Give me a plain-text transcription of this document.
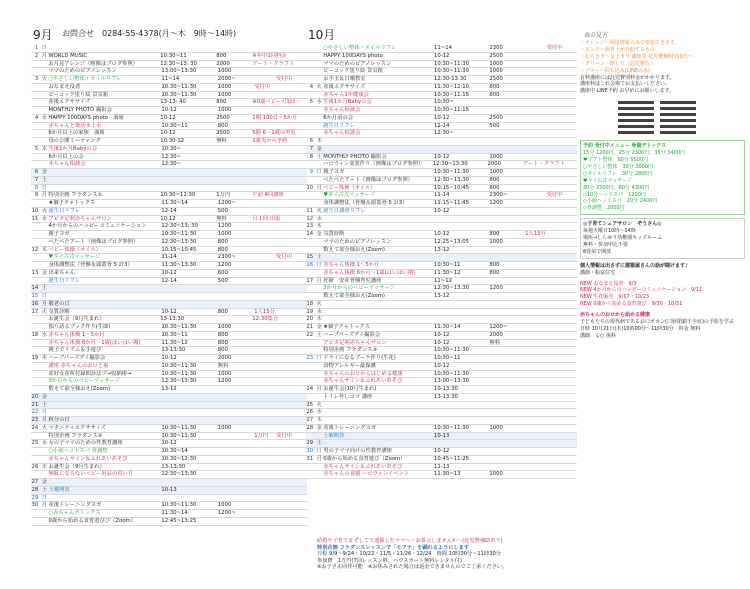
9月 お問合せ　0284-55-4378(月～木　9時～14時)	10月	表の見方
1 日
2 月 WORLD MUSIC	10:30~11	800	※年中1回料金
お月見アレンジ（画像はブログ参照）	12:30~13: 30	2000	アート・クラフト
ママのためのピアノレッスン	13:00~13:30	1000
3 火 ○やさしい整体・オイルリフレ	11~14	2000~	受付中
おなまえ役者	10:30~11:30	1000	受付中
ピーコック塗り絵 景気箱	10:30~11:30	1000
産後エクササイズ	13-13: 40	800	※0歳ベビー可1回～
MONTHLY PHOTO 撮影会	10-12	1000
4 水 HAPPY 100DAYS photo　満席	10-12	2500	1期 100日～5か月
赤ちゃんと楽活水上水	10:30~11	800
6か月以上の家族　満席	10-12	2500	5期 6～1歳の男児
母の公開ミーティング	10:30-12	無料	1歳児から予約
5 木 生後1か月Babyの会	10:30~
6か月以上の会	12:30~
赤ちゃん相談会	12:30~
6 金
7 土
8 日
9 月 特別企画 フラダンス①	10:30~11:30	1万円	午前 4回講座
★個子チャトックス	11:30~14	1200~
10 火 誕生日リフレ	12-14	500
11 水 アピタ足利赤ちゃんサロン	10-12	無料	月１回 出張
4か月からのハッピーコミュニケーション	12:30~13: 30	1200
親子ヨガ	10:30~11:30	1000
ぺたぺたアート（画像はブログ参照）	12:30~13:30	800
12 木 ベビー体操（オイル）	10:15~10:45	800
♥タイ古式マッサージ	11-14	2300~	受付中
身体調整法（骨盤＆頭蓋骨 5 計3）	11:30~13:30	1200
13 金 出来ちゃん	10-12	600
誕生日リフレ	12-14	500
14 土
15 日
16 月 敬老の日
17 火 気質診断	10-12	800	1人15分
お誕生会（9月生まれ）	13-13:30	12:30集合
独り語るブック作り(生郎)	10:30~11:30	1000
18 水 赤ちゃん体操 1～5か月	10:30~11	800
赤ちゃん体操 6か月～1歳(はいはい期)	11:30~12	800
親子でリズム＆手遊び	13-13:30	800
19 木 ハーブパーズデイ撮影会	10-12	2000
講座 赤ちゃんのおロと歯	10:30~11:30	無料
産好女産所付録問診法プ→収納術→	10:30~11:30	1000
3か月からのベビーマッサージ	12:30~13:30	1200
数えて欲全様おえ(Zoom)	13-12
20 金
21 土
22 日
23 月 秋分の日
24 火 マタニティエクササイズ	10:30~11:30	1000
特別企画 フラダンス②	10:30~11:30	1万円	受付中
25 水 女の子ママのための性教育講座	10-12
○小顔ヘッドスパ 骨調整	10:30~14
赤ちゃんサイン＆ふれあいあそび	10:30~12:30
26 木 お誕生会（9月生まれ）	13-13:30
無駄にならないベビー用品の買い方	12:30~13:30
27 金
28 土 土曜開放	10-13
29 日
30 月 産後トレーニングヨガ	10:30~11:30	1000
○赤ちゃんデトックス	11:30~14	1200~
0歳から始める食育遊びび（Zoom）	12:45~13:25
○やさしい整体・オイルリフレ	11~14	2300	受付中
HAPPY 100DAYS photo	10-12	2500
ママのためのピアノレッスン	10:30~11:30	1000
ピーコック塗り絵 景気箱	10:30~11:30	1000
お手玉＆日曜教室	12:30-13:30	2500
4 火 産後エクササイズ	11:30~12:10	800
赤ちゃん1年健康会	10:30~11:15	800
5 水 生後1か月Babyの会	10:30~
赤ちゃん相談会	10:30~11:15
6か月前の会	10-12	2500
誕生日リフレ	12-14	500
赤ちゃん相談会	12:30~
6 木
7 金
8 土 MONTHLY PHOTO 撮影会	10-12	1000
ハロウィン変装作り（画像はブログ参照）	12:30~13:30	2000	アート・クラフト
9 日 親子ヨガ	10:30~11:30	1000
ぺたぺたアート（画像はブログ参照）	12:30~13:30	800
10 月 ベビー体操（オイル）	10:15~10:45	800
♥タイ古式マッサージ	11-14	2300~	受付中
身体調整法（骨盤＆頭蓋骨 5 計3）	11:15~11:45	1200
11 火 誕生日講座リフレ	10-12
12 水
13 木
14 金 気質診断	10-12	800	1人15分
ママのためのピアノレッスン	12:25~13:05	1000
数えて欲全様おえ(Zoom)	13-12
15 土
16 日 赤ちゃん体操 1～5か月	10:30~11	800
赤ちゃん体操 6か月～1歳(はいはい期)	11:30~12	800
17 月 妊婦　安産骨盤育児講座	11~12
3か月からのベビーマッサージ	12:30~13:30	1200
数えて欲全様おえ(Zoom)	13-12
18 火
19 水
20 木
21 金 ★個子チャトックス	11:30~14	1200~
22 土 ハーブパーズデイ撮影会	10-12	2000
アピタ足利赤ちゃんサロン	10-12	無料
特別企画 フラダンス③	10:30~11:30
23 日 ドライになるブーケ作り(生花)	10:30~11
食物アレルギー最保護	10-12
赤ちゃんのおロからはじめる健康	10:30~11:30
赤ちゃんサイン＆ふれあいあそび	13:00~13:30
24 月 お誕生会(10月生まれ)	10-13:30
トイレ外しコツ 講座	13-13:30
25 火
26 水
27 木
28 金 産後トレーニングヨガ	10:30~11:30	1000
土曜開放	10-13
29 土
30 日 男の子ママ向けの性教育講座	10-12
31 月 0歳から始める食育遊び（Zoom）	10:45~11:25
赤ちゃんサイン＆ふれあいあそび	11-13
赤ちゃんの食感 ハロウィンイベント	11:30~13	1000
結婚や子育てまずしてで連載したママへ～お茶会しませんか～(託児費補助あり)
特別企画 フラダンスレッスンで「モアナ」を踊れるようにします
日程 9/9・9/24・10/22・11/5・11/26・12/24　時間 10時30分～11時30分
参加費　1万円(7回レッスン料、ハウスカート無料レンタル付)
※お子さん同伴可能　※お休みされた場合は返金できませんのでご了承ください。
・オレンジ～预设情報のみで参加できます。
・ピンク～保育士が介助するもの
・むらさき～女子カウ 講座等 托児費無0円10日～
・グリーン～飲し方（託児費込）
・ブルー～持ち込み(LINEのみ)
有料講座には託児費別料金がかかります。
講座料はこれ会場でお支払いください。
講座中 LINE予約 お早めにお願いします。
予約 受付中メニュー 骨盤デトックス
15分 1200円、25分 2300円、35分 3400円
♥ソフト整体　60分 5500円
○やさしい整体　30分 3000円
○オイルリフレ　30分 2800円
♥タイ古式マッサージ
30分 2300円、60分 4300円
◇10分ヘッドスパ　1200円
◇小顔ヘッドスパ　20分 2400円
◇骨調整　2000円
◎子育てシェアサロン　ぞうさん◎
毎週火曜日10時～14時
場所→しらゆり幼稚園キッズルーム
無料・参加申込不要
8畳屋で開放
個人情報は出さずに建築屋さんの話が聞けます♪
講師・粕富住宅
NEW おなまえ役者　9/3
NEW 4か月からのハッピーコミュニケーション　9/11
NEW 生花販売　9/17・10/23
NEW 0歳から始める食育遊び　9/30・10/31
赤ちゃんのおロから始める健康
子どもたちの現代病であるお口ポカン(口唇閉鎖不全症)の予防を学ぶ
日時 10月21日(木)10時00分～11時30分　料金 無料
講師　る○ 歯科
